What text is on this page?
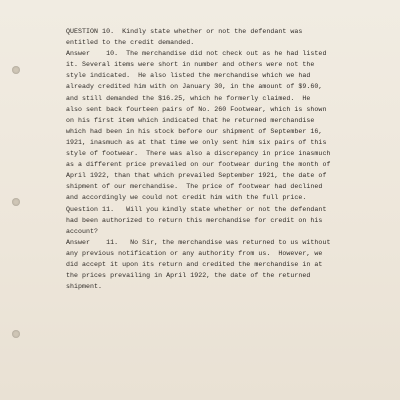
QUESTION 10.  Kindly state whether or not the defendant was
entitled to the credit demanded.
Answer    10.  The merchandise did not check out as he had listed
it. Several items were short in number and others were not the
style indicated.  He also listed the merchandise which we had
already credited him with on January 30, in the amount of $9.60,
and still demanded the $16.25, which he formerly claimed.  He
also sent back fourteen pairs of No. 260 Footwear, which is shown
on his first item which indicated that he returned merchandise
which had been in his stock before our shipment of September 16,
1921, inasmuch as at that time we only sent him six pairs of this
style of footwear.  There was also a discrepancy in price inasmuch
as a different price prevailed on our footwear during the month of
April 1922, than that which prevailed September 1921, the date of
shipment of our merchandise.  The price of footwear had declined
and accordingly we could not credit him with the full price.
Question 11.   Will you kindly state whether or not the defendant
had been authorized to return this merchandise for credit on his
account?
Answer    11.   No Sir, the merchandise was returned to us without
any previous notification or any authority from us.  However, we
did accept it upon its return and credited the merchandise in at
the prices prevailing in April 1922, the date of the returned
shipment.
